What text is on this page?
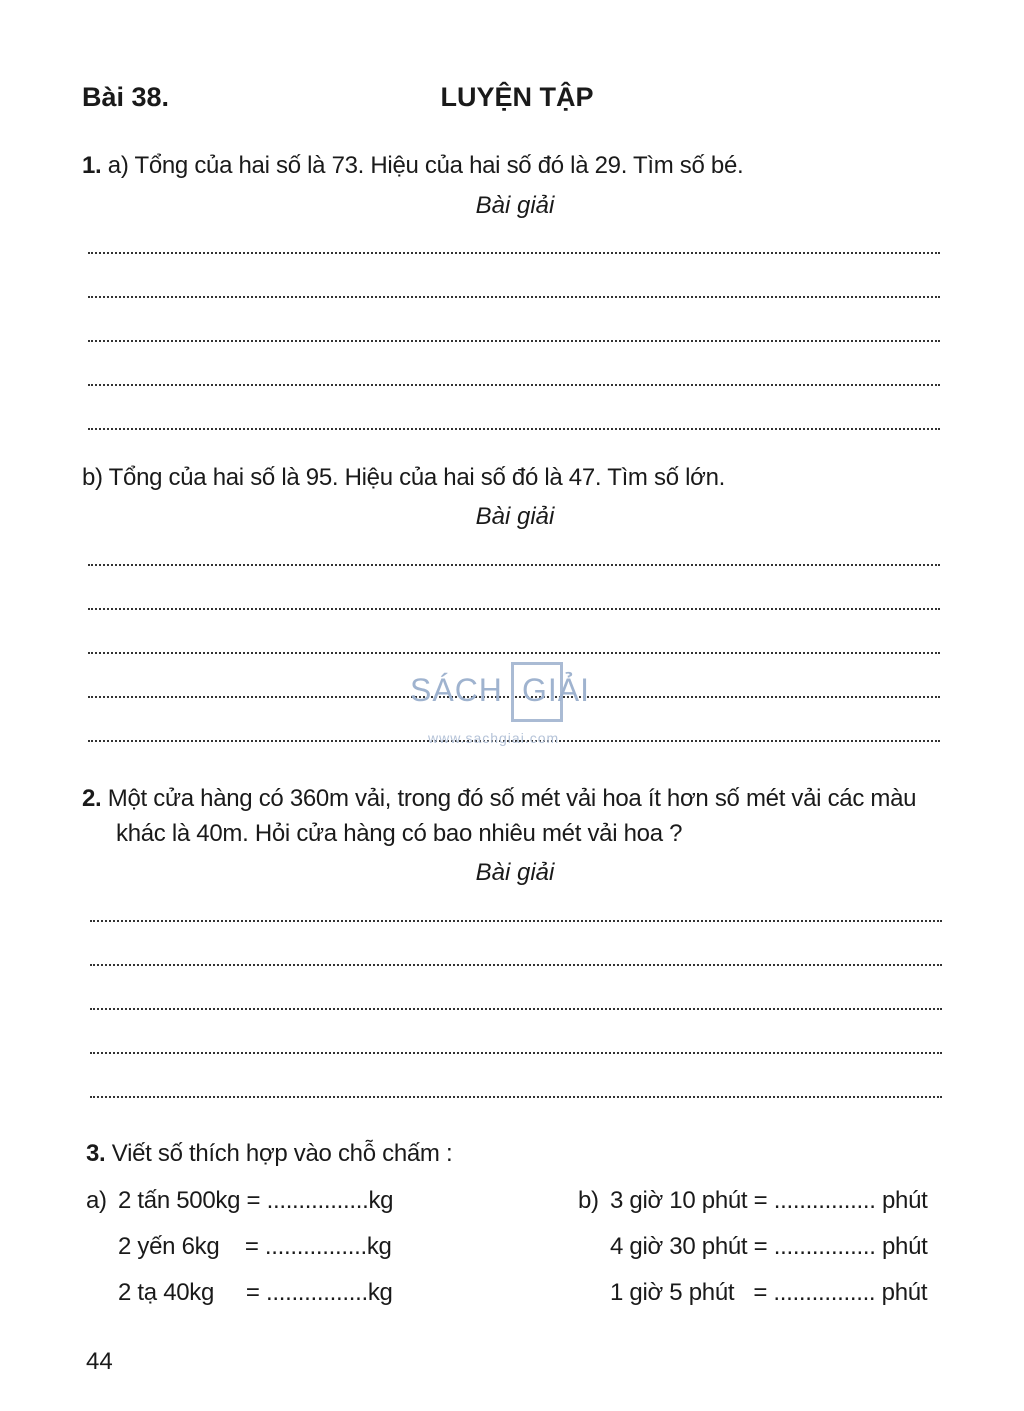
Bài 38.	LUYỆN TẬP
1. a) Tổng của hai số là 73. Hiệu của hai số đó là 29. Tìm số bé.
Bài giải
b) Tổng của hai số là 95. Hiệu của hai số đó là 47. Tìm số lớn.
Bài giải
SÁCH GIẢI
www.sachgiai.com
2. Một cửa hàng có 360m vải, trong đó số mét vải hoa ít hơn số mét vải các màu
khác là 40m. Hỏi cửa hàng có bao nhiêu mét vải hoa ?
Bài giải
3. Viết số thích hợp vào chỗ chấm :
a) 2 tấn 500kg = ................kg
2 yến 6kg    = ................kg
2 tạ 40kg     = ................kg
b) 3 giờ 10 phút = ................ phút
4 giờ 30 phút = ................ phút
1 giờ 5 phút   = ................ phút
44
